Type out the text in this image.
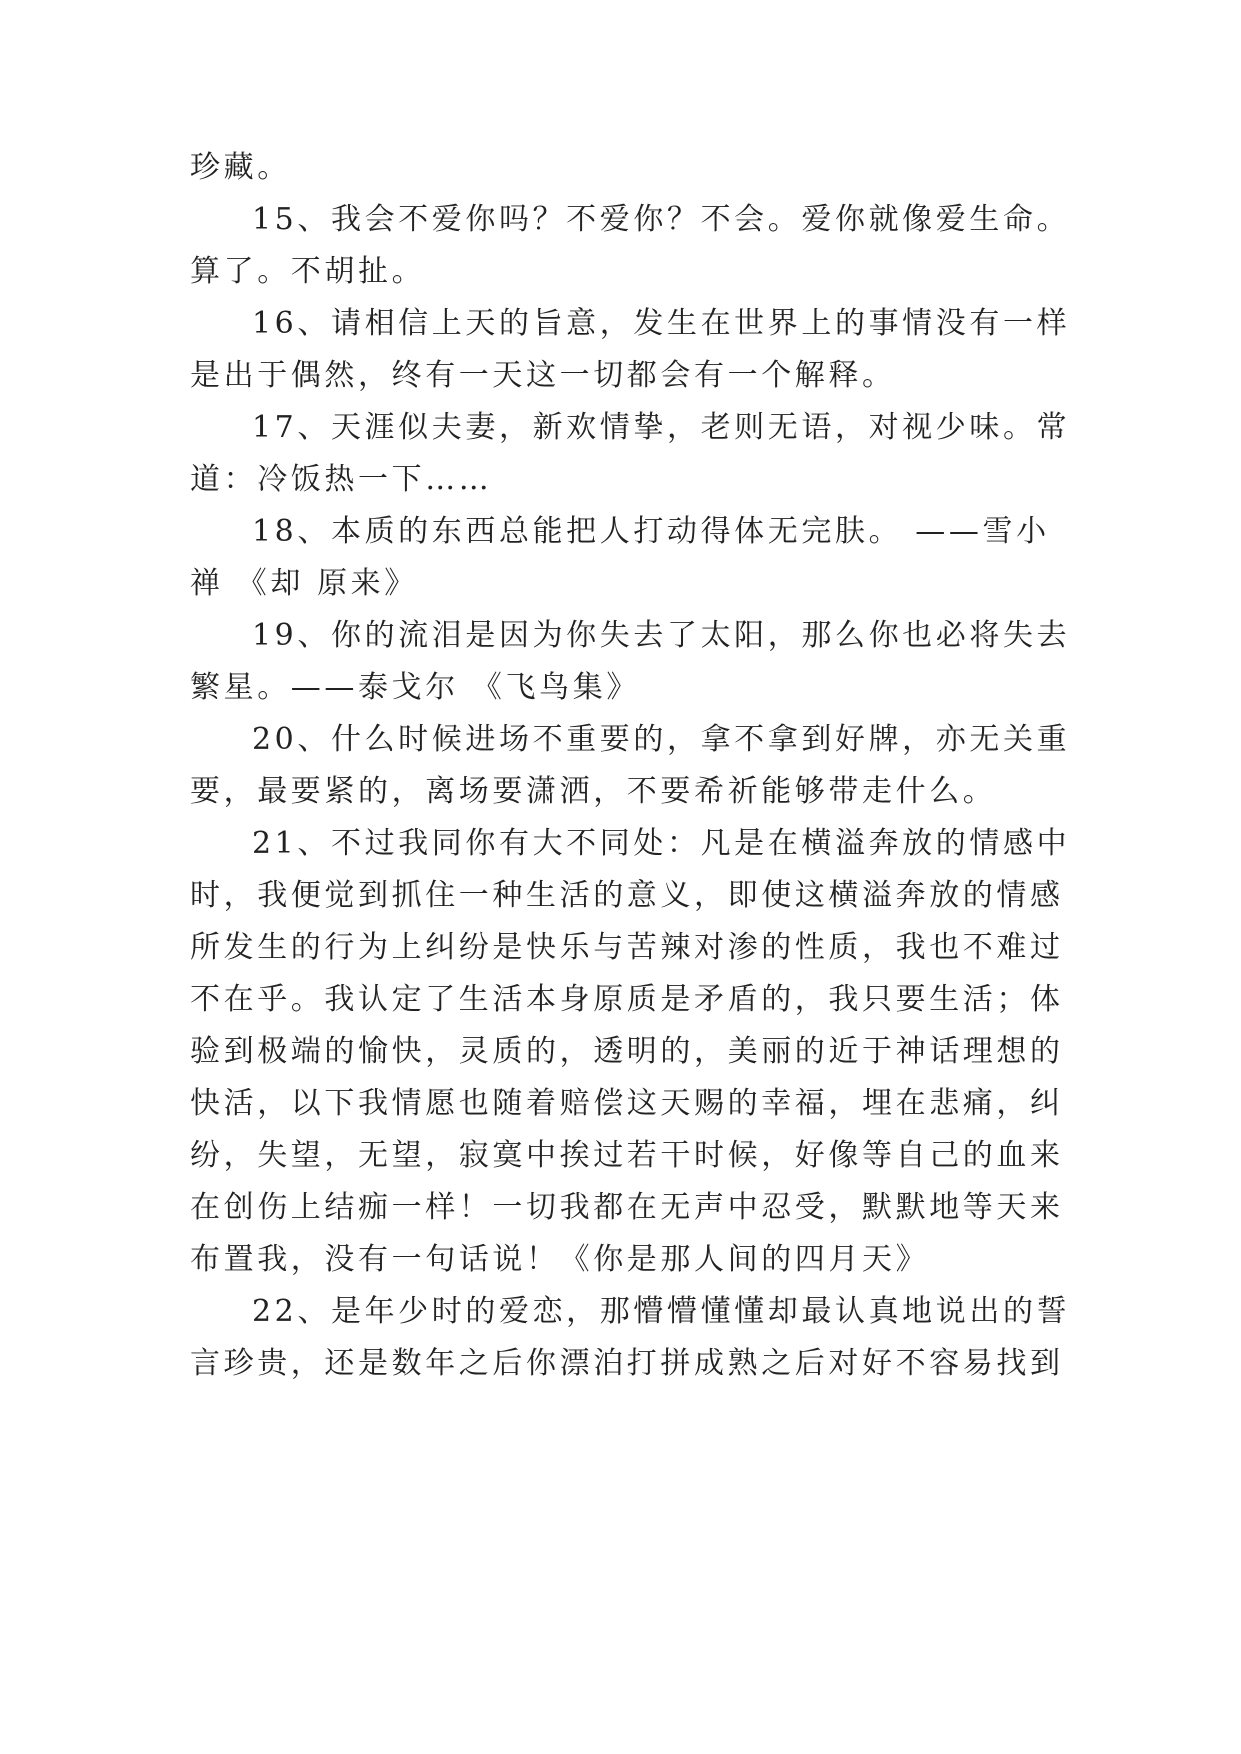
珍藏。
15、我会不爱你吗？不爱你？不会。爱你就像爱生命。
算了。不胡扯。
16、请相信上天的旨意，发生在世界上的事情没有一样
是出于偶然，终有一天这一切都会有一个解释。
17、天涯似夫妻，新欢情挚，老则无语，对视少味。常
道：冷饭热一下……
18、本质的东西总能把人打动得体无完肤。 ——雪小
禅 《却 原来》
19、你的流泪是因为你失去了太阳，那么你也必将失去
繁星。——泰戈尔 《飞鸟集》
20、什么时候进场不重要的，拿不拿到好牌，亦无关重
要，最要紧的，离场要潇洒，不要希祈能够带走什么。
21、不过我同你有大不同处：凡是在横溢奔放的情感中
时，我便觉到抓住一种生活的意义，即使这横溢奔放的情感
所发生的行为上纠纷是快乐与苦辣对渗的性质，我也不难过
不在乎。我认定了生活本身原质是矛盾的，我只要生活；体
验到极端的愉快，灵质的，透明的，美丽的近于神话理想的
快活，以下我情愿也随着赔偿这天赐的幸福，埋在悲痛，纠
纷，失望，无望，寂寞中挨过若干时候，好像等自己的血来
在创伤上结痂一样！一切我都在无声中忍受，默默地等天来
布置我，没有一句话说！《你是那人间的四月天》
22、是年少时的爱恋，那懵懵懂懂却最认真地说出的誓
言珍贵，还是数年之后你漂泊打拼成熟之后对好不容易找到
